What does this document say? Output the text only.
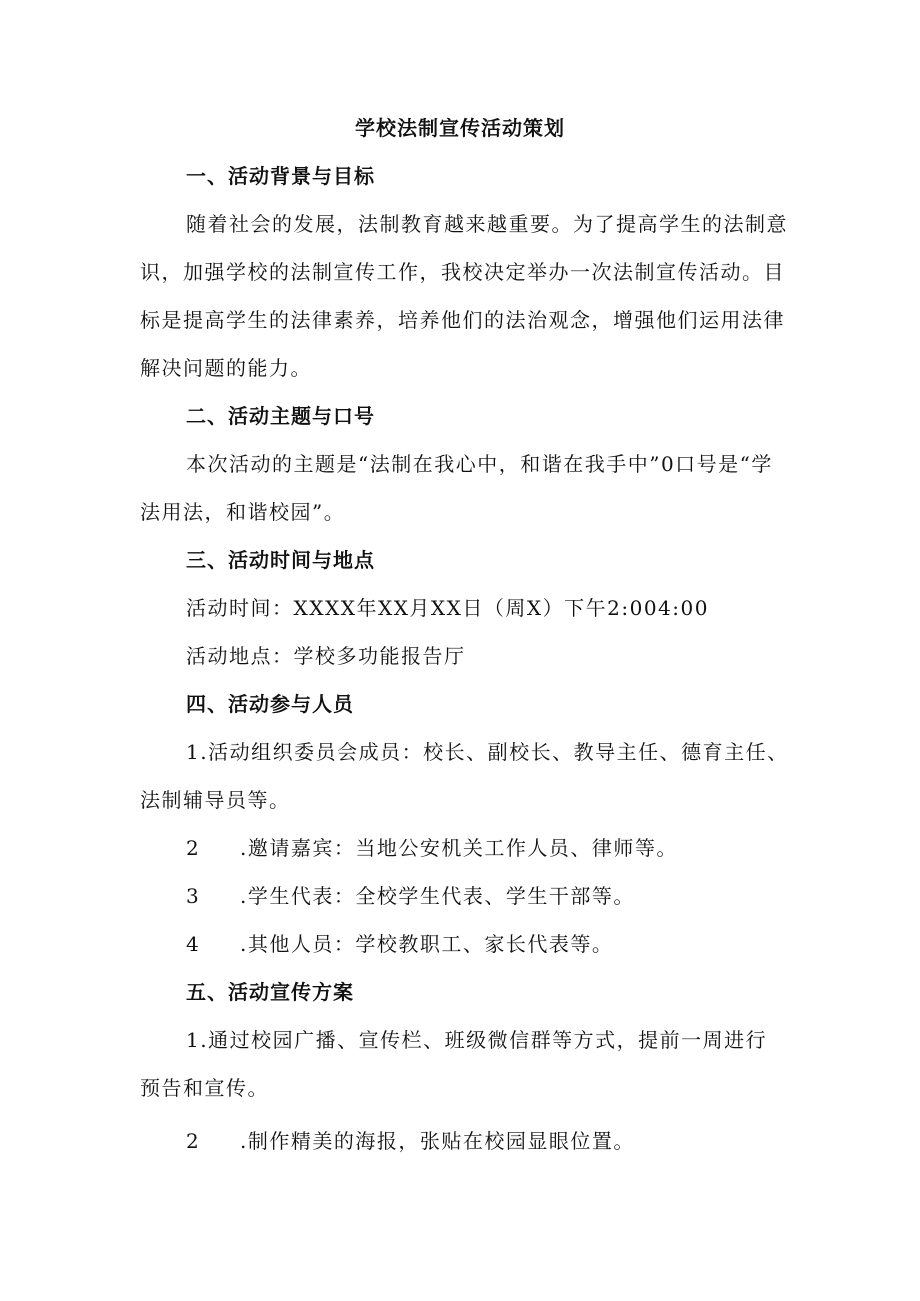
学校法制宣传活动策划
一、活动背景与目标
随着社会的发展，法制教育越来越重要。为了提高学生的法制意
识，加强学校的法制宣传工作，我校决定举办一次法制宣传活动。目
标是提高学生的法律素养，培养他们的法治观念，增强他们运用法律
解决问题的能力。
二、活动主题与口号
本次活动的主题是“法制在我心中，和谐在我手中”0口号是“学
法用法，和谐校园”。
三、活动时间与地点
活动时间：XXXX年XX月XX日（周X）下午2:004:00
活动地点：学校多功能报告厅
四、活动参与人员
1.活动组织委员会成员：校长、副校长、教导主任、德育主任、
法制辅导员等。
2 .邀请嘉宾：当地公安机关工作人员、律师等。
3 .学生代表：全校学生代表、学生干部等。
4 .其他人员：学校教职工、家长代表等。
五、活动宣传方案
1.通过校园广播、宣传栏、班级微信群等方式，提前一周进行
预告和宣传。
2 .制作精美的海报，张贴在校园显眼位置。
